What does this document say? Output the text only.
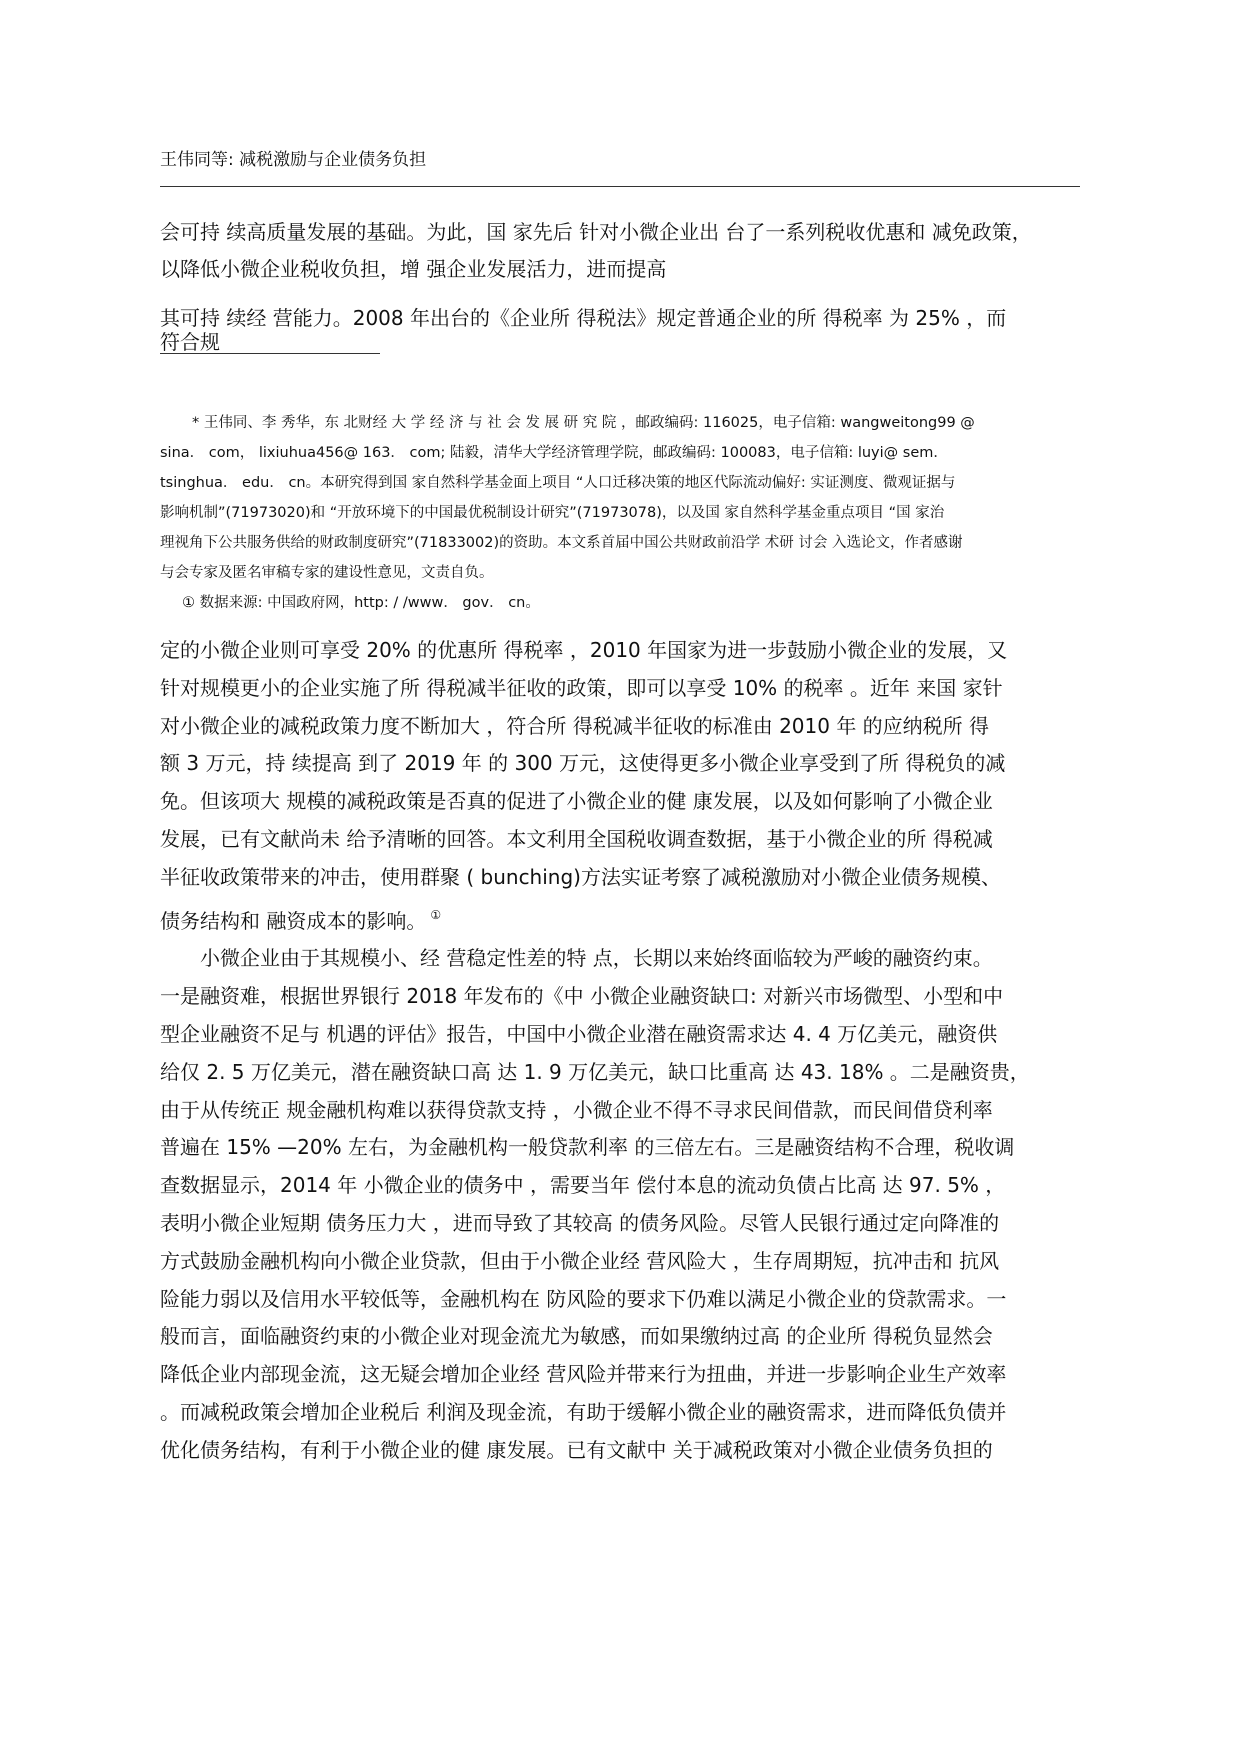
王伟同等: 减税激励与企业债务负担
会可持 续高质量发展的基础。为此，国 家先后 针对小微企业出 台了一系列税收优惠和 减免政策，
以降低小微企业税收负担，增 强企业发展活力，进而提高
其可持 续经 营能力。2008 年出台的《企业所 得税法》规定普通企业的所 得税率 为 25% ，而
符合规
* 王伟同、李 秀华，东 北财经 大 学 经 济 与 社 会 发 展 研 究 院 ，邮政编码: 116025，电子信箱: wangweitong99 @
sina． com， lixiuhua456@ 163． com; 陆毅，清华大学经济管理学院，邮政编码: 100083，电子信箱: luyi@ sem．
tsinghua． edu． cn。本研究得到国 家自然科学基金面上项目 “人口迁移决策的地区代际流动偏好: 实证测度、微观证据与
影响机制”(71973020)和 “开放环境下的中国最优税制设计研究”(71973078)，以及国 家自然科学基金重点项目 “国 家治
理视角下公共服务供给的财政制度研究”(71833002)的资助。本文系首届中国公共财政前沿学 术研 讨会 入选论文，作者感谢
与会专家及匿名审稿专家的建设性意见，文责自负。
① 数据来源: 中国政府网，http: / /www． gov． cn。
定的小微企业则可享受 20% 的优惠所 得税率 ，2010 年国家为进一步鼓励小微企业的发展，又
针对规模更小的企业实施了所 得税减半征收的政策，即可以享受 10% 的税率 。近年 来国 家针
对小微企业的减税政策力度不断加大 ，符合所 得税减半征收的标准由 2010 年 的应纳税所 得
额 3 万元，持 续提高 到了 2019 年 的 300 万元，这使得更多小微企业享受到了所 得税负的减
免。但该项大 规模的减税政策是否真的促进了小微企业的健 康发展，以及如何影响了小微企业
发展，已有文献尚未 给予清晰的回答。本文利用全国税收调查数据，基于小微企业的所 得税减
半征收政策带来的冲击，使用群聚 ( bunching)方法实证考察了减税激励对小微企业债务规模、
债务结构和 融资成本的影响。 ①
小微企业由于其规模小、经 营稳定性差的特 点，长期以来始终面临较为严峻的融资约束。
一是融资难，根据世界银行 2018 年发布的《中 小微企业融资缺口: 对新兴市场微型、小型和中
型企业融资不足与 机遇的评估》报告，中国中小微企业潜在融资需求达 4. 4 万亿美元，融资供
给仅 2. 5 万亿美元，潜在融资缺口高 达 1. 9 万亿美元，缺口比重高 达 43. 18% 。二是融资贵，
由于从传统正 规金融机构难以获得贷款支持 ，小微企业不得不寻求民间借款，而民间借贷利率
普遍在 15% —20% 左右，为金融机构一般贷款利率 的三倍左右。三是融资结构不合理，税收调
查数据显示，2014 年 小微企业的债务中 ，需要当年 偿付本息的流动负债占比高 达 97. 5% ，
表明小微企业短期 债务压力大 ，进而导致了其较高 的债务风险。尽管人民银行通过定向降准的
方式鼓励金融机构向小微企业贷款，但由于小微企业经 营风险大 ，生存周期短，抗冲击和 抗风
险能力弱以及信用水平较低等，金融机构在 防风险的要求下仍难以满足小微企业的贷款需求。一
般而言，面临融资约束的小微企业对现金流尤为敏感，而如果缴纳过高 的企业所 得税负显然会
降低企业内部现金流，这无疑会增加企业经 营风险并带来行为扭曲，并进一步影响企业生产效率
。而减税政策会增加企业税后 利润及现金流，有助于缓解小微企业的融资需求，进而降低负债并
优化债务结构，有利于小微企业的健 康发展。已有文献中 关于减税政策对小微企业债务负担的
